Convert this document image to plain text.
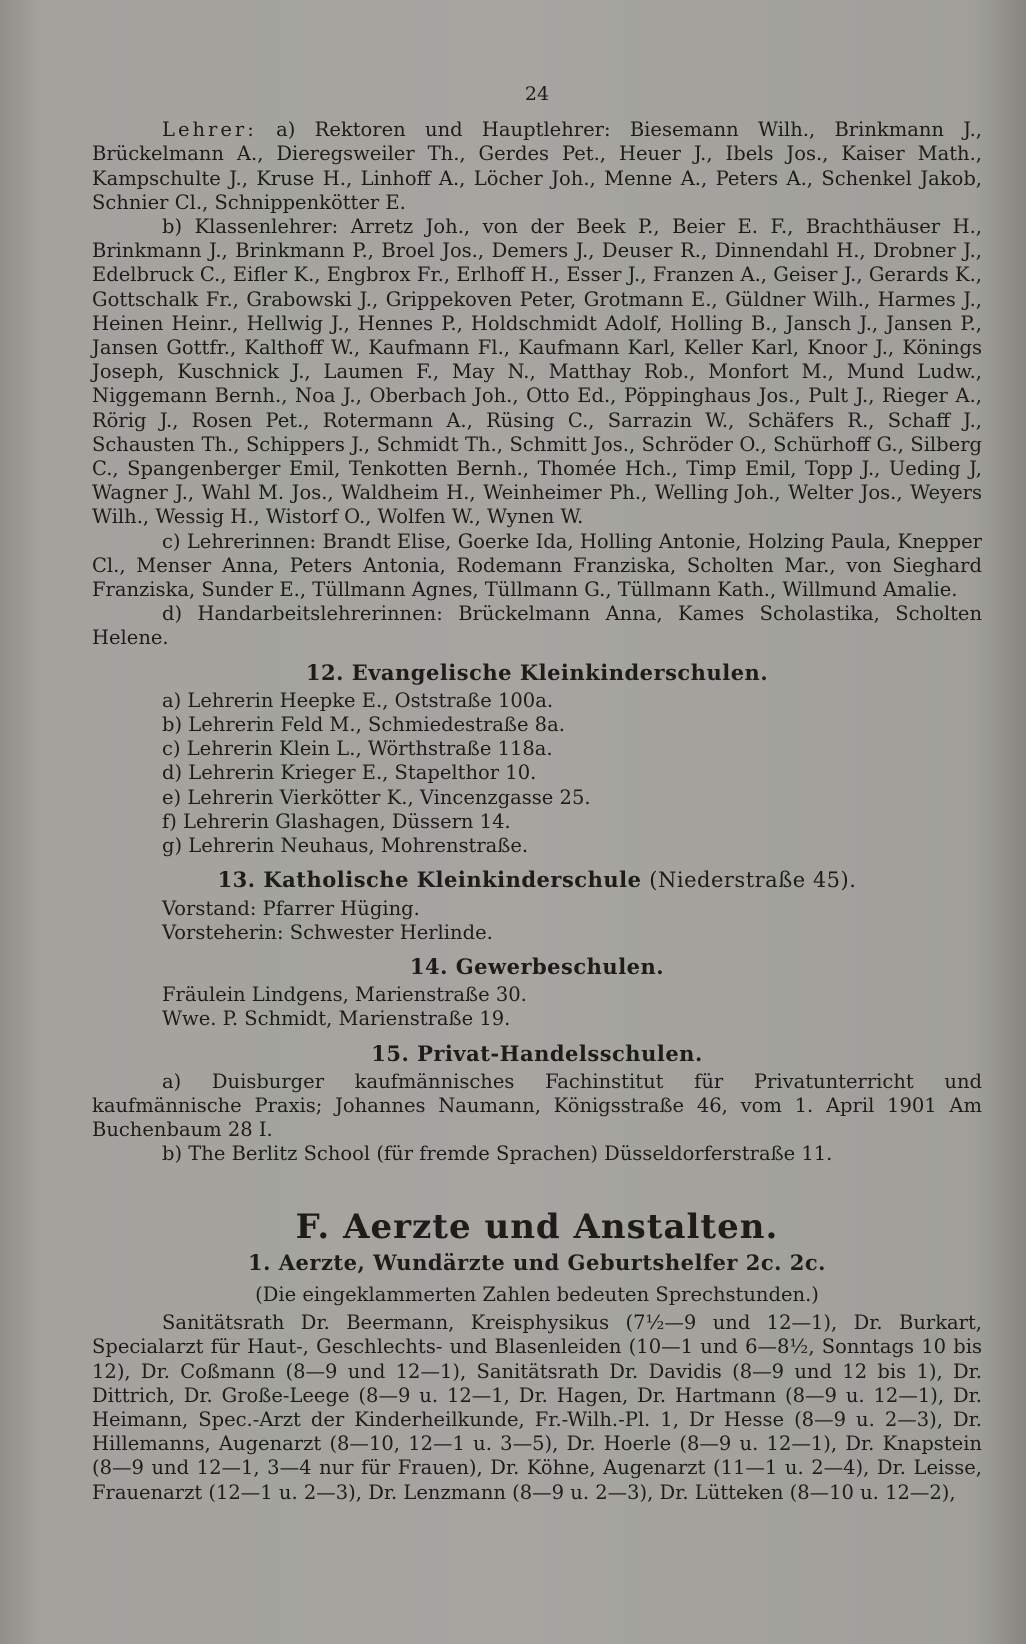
24

Lehrer: a) Rektoren und Hauptlehrer: Biesemann Wilh., Brinkmann J., Brückelmann A., Dieregsweiler Th., Gerdes Pet., Heuer J., Ibels Jos., Kaiser Math., Kampschulte J., Kruse H., Linhoff A., Löcher Joh., Menne A., Peters A., Schenkel Jakob, Schnier Cl., Schnippenkötter E.

b) Klassenlehrer: Arretz Joh., von der Beek P., Beier E. F., Brachthäuser H., Brinkmann J., Brinkmann P., Broel Jos., Demers J., Deuser R., Dinnendahl H., Drobner J., Edelbruck C., Eifler K., Engbrox Fr., Erlhoff H., Esser J., Franzen A., Geiser J., Gerards K., Gottschalk Fr., Grabowski J., Grippekoven Peter, Grotmann E., Güldner Wilh., Harmes J., Heinen Heinr., Hellwig J., Hennes P., Holdschmidt Adolf, Holling B., Jansch J., Jansen P., Jansen Gottfr., Kalthoff W., Kaufmann Fl., Kaufmann Karl, Keller Karl, Knoor J., Könings Joseph, Kuschnick J., Laumen F., May N., Matthay Rob., Monfort M., Mund Ludw., Niggemann Bernh., Noa J., Oberbach Joh., Otto Ed., Pöppinghaus Jos., Pult J., Rieger A., Rörig J., Rosen Pet., Rotermann A., Rüsing C., Sarrazin W., Schäfers R., Schaff J., Schausten Th., Schippers J., Schmidt Th., Schmitt Jos., Schröder O., Schürhoff G., Silberg C., Spangenberger Emil, Tenkotten Bernh., Thomée Hch., Timp Emil, Topp J., Ueding J, Wagner J., Wahl M. Jos., Waldheim H., Weinheimer Ph., Welling Joh., Welter Jos., Weyers Wilh., Wessig H., Wistorf O., Wolfen W., Wynen W.

c) Lehrerinnen: Brandt Elise, Goerke Ida, Holling Antonie, Holzing Paula, Knepper Cl., Menser Anna, Peters Antonia, Rodemann Franziska, Scholten Mar., von Sieghard Franziska, Sunder E., Tüllmann Agnes, Tüllmann G., Tüllmann Kath., Willmund Amalie.

d) Handarbeitslehrerinnen: Brückelmann Anna, Kames Scholastika, Scholten Helene.

12. Evangelische Kleinkinderschulen.

a) Lehrerin Heepke E., Oststraße 100a.

b) Lehrerin Feld M., Schmiedestraße 8a.

c) Lehrerin Klein L., Wörthstraße 118a.

d) Lehrerin Krieger E., Stapelthor 10.

e) Lehrerin Vierkötter K., Vincenzgasse 25.

f) Lehrerin Glashagen, Düssern 14.

g) Lehrerin Neuhaus, Mohrenstraße.

13. Katholische Kleinkinderschule (Niederstraße 45).

Vorstand: Pfarrer Hüging.

Vorsteherin: Schwester Herlinde.

14. Gewerbeschulen.

Fräulein Lindgens, Marienstraße 30.

Wwe. P. Schmidt, Marienstraße 19.

15. Privat-Handelsschulen.

a) Duisburger kaufmännisches Fachinstitut für Privatunterricht und kaufmännische Praxis; Johannes Naumann, Königsstraße 46, vom 1. April 1901 Am Buchenbaum 28 I.

b) The Berlitz School (für fremde Sprachen) Düsseldorferstraße 11.

F. Aerzte und Anstalten.
1. Aerzte, Wundärzte und Geburtshelfer 2c. 2c.

(Die eingeklammerten Zahlen bedeuten Sprechstunden.)

Sanitätsrath Dr. Beermann, Kreisphysikus (7½—9 und 12—1), Dr. Burkart, Specialarzt für Haut-, Geschlechts- und Blasenleiden (10—1 und 6—8½, Sonntags 10 bis 12), Dr. Coßmann (8—9 und 12—1), Sanitätsrath Dr. Davidis (8—9 und 12 bis 1), Dr. Dittrich, Dr. Große-Leege (8—9 u. 12—1, Dr. Hagen, Dr. Hartmann (8—9 u. 12—1), Dr. Heimann, Spec.-Arzt der Kinderheilkunde, Fr.-Wilh.-Pl. 1, Dr Hesse (8—9 u. 2—3), Dr. Hillemanns, Augenarzt (8—10, 12—1 u. 3—5), Dr. Hoerle (8—9 u. 12—1), Dr. Knapstein (8—9 und 12—1, 3—4 nur für Frauen), Dr. Köhne, Augenarzt (11—1 u. 2—4), Dr. Leisse, Frauenarzt (12—1 u. 2—3), Dr. Lenzmann (8—9 u. 2—3), Dr. Lütteken (8—10 u. 12—2),
